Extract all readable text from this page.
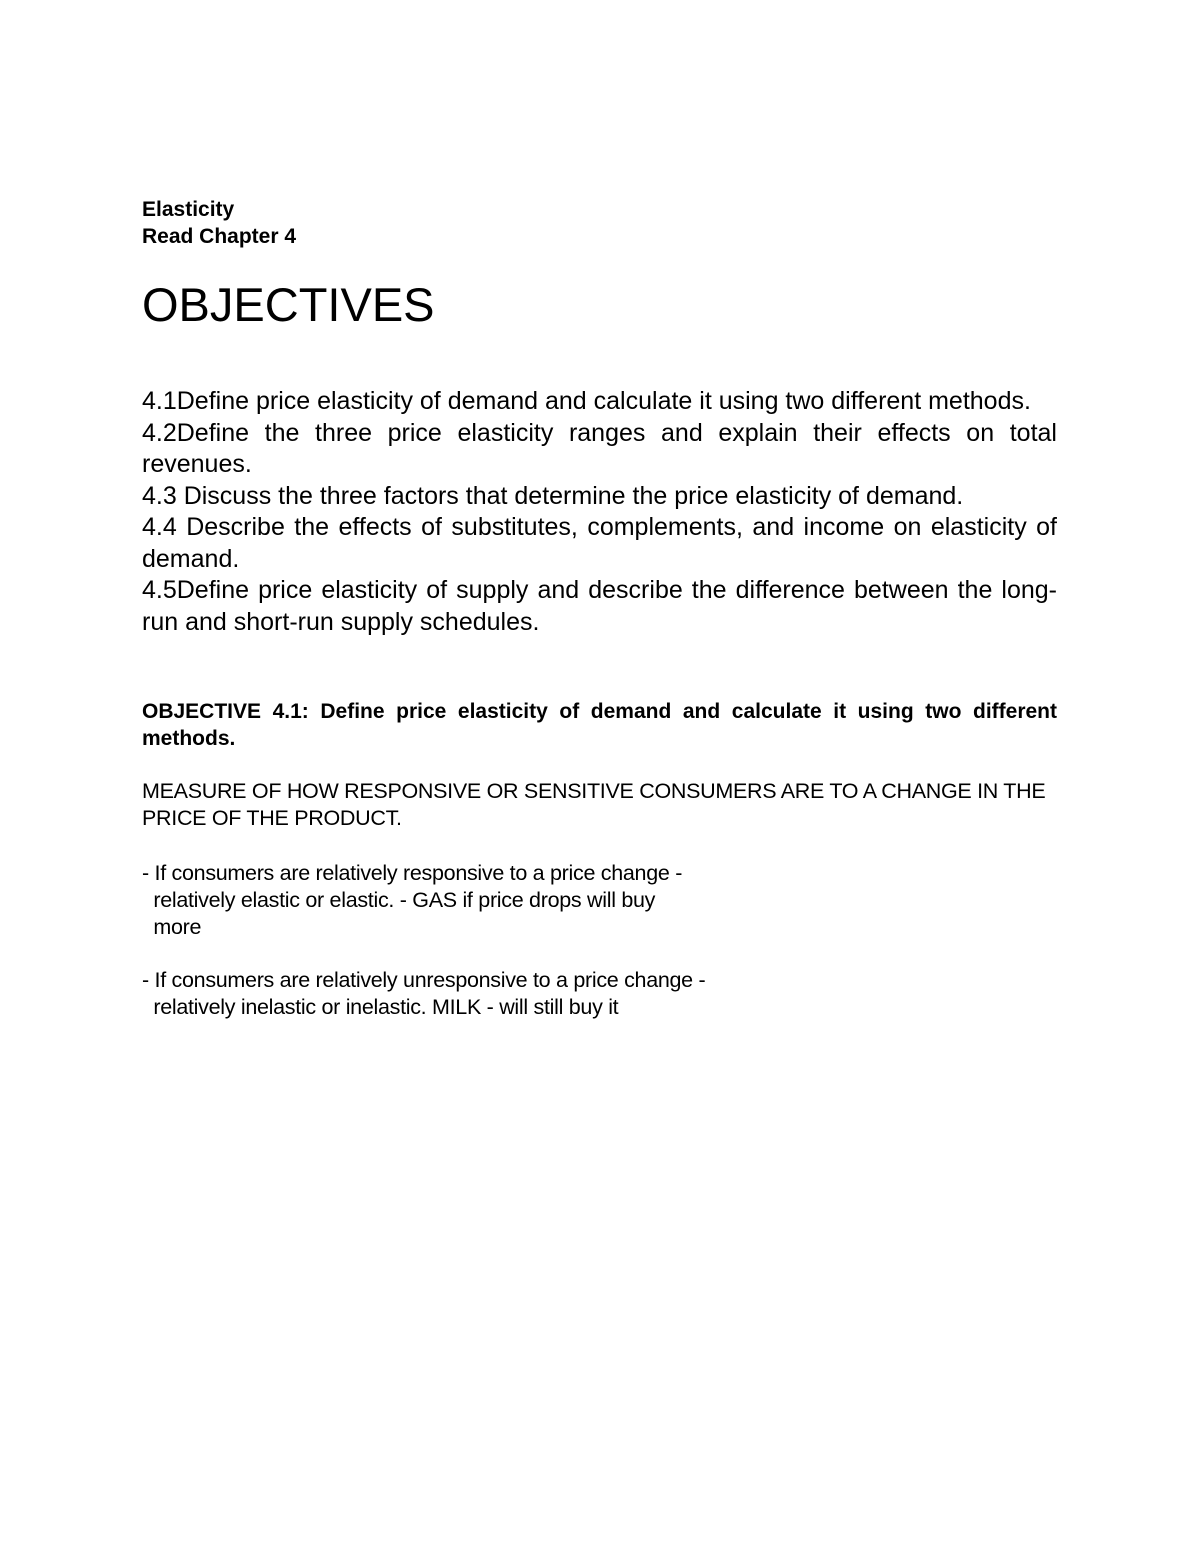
Elasticity
Read Chapter 4
OBJECTIVES

4.1Define price elasticity of demand and calculate it using two different methods.

4.2Define the three price elasticity ranges and explain their effects on total revenues.

4.3 Discuss the three factors that determine the price elasticity of demand.

4.4 Describe the effects of substitutes, complements, and income on elasticity of demand.

4.5Define price elasticity of supply and describe the difference between the long-run and short-run supply schedules.

OBJECTIVE 4.1: Define price elasticity of demand and calculate it using two different methods.
MEASURE OF HOW RESPONSIVE OR SENSITIVE CONSUMERS ARE TO A CHANGE IN THE PRICE OF THE PRODUCT.
- If consumers are relatively responsive to a price change -
relatively elastic or elastic. - GAS if price drops will buy
more
- If consumers are relatively unresponsive to a price change -
relatively inelastic or inelastic. MILK - will still buy it
